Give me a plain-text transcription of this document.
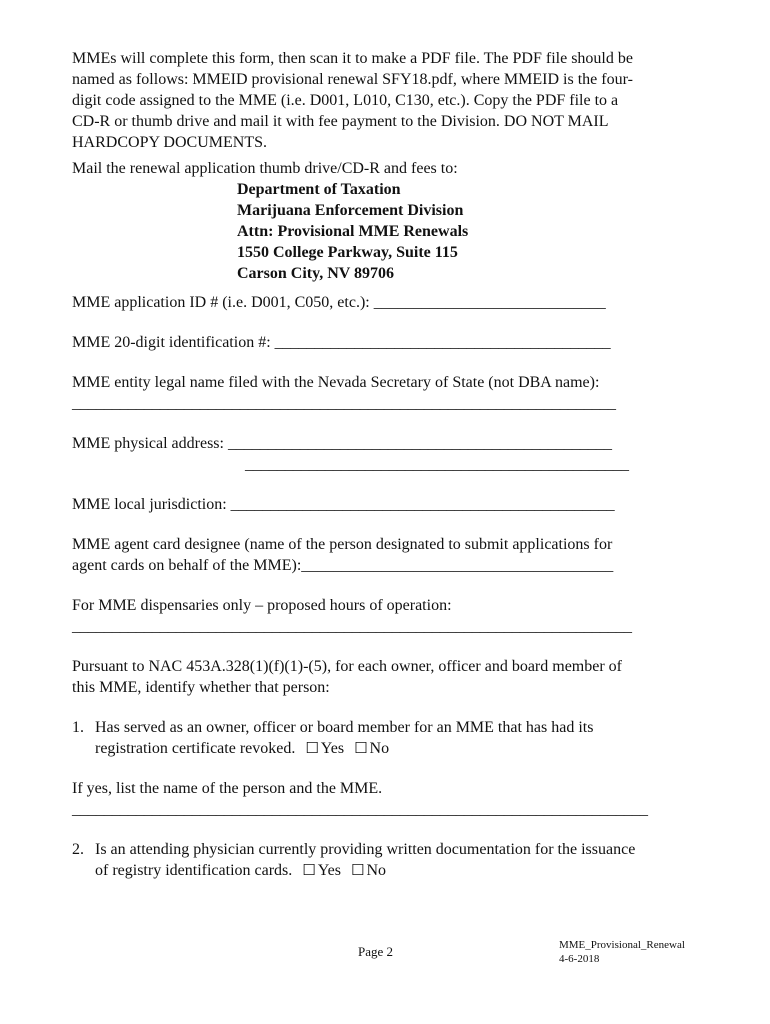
MMEs will complete this form, then scan it to make a PDF file. The PDF file should be
named as follows: MMEID provisional renewal SFY18.pdf, where MMEID is the four-
digit code assigned to the MME (i.e. D001, L010, C130, etc.). Copy the PDF file to a
CD-R or thumb drive and mail it with fee payment to the Division. DO NOT MAIL
HARDCOPY DOCUMENTS.
Mail the renewal application thumb drive/CD-R and fees to:
Department of Taxation
Marijuana Enforcement Division
Attn: Provisional MME Renewals
1550 College Parkway, Suite 115
Carson City, NV 89706
MME application ID # (i.e. D001, C050, etc.): _____________________________
MME 20-digit identification #: __________________________________________
MME entity legal name filed with the Nevada Secretary of State (not DBA name):
____________________________________________________________________
MME physical address: ________________________________________________
________________________________________________
MME local jurisdiction: ________________________________________________
MME agent card designee (name of the person designated to submit applications for
agent cards on behalf of the MME):_______________________________________
For MME dispensaries only – proposed hours of operation:
______________________________________________________________________
Pursuant to NAC 453A.328(1)(f)(1)-(5), for each owner, officer and board member of
this MME, identify whether that person:
1. Has served as an owner, officer or board member for an MME that has had its
registration certificate revoked. ☐ Yes ☐ No
If yes, list the name of the person and the MME.
________________________________________________________________________
2. Is an attending physician currently providing written documentation for the issuance
of registry identification cards. ☐ Yes ☐ No
Page 2	MME_Provisional_Renewal
4-6-2018
